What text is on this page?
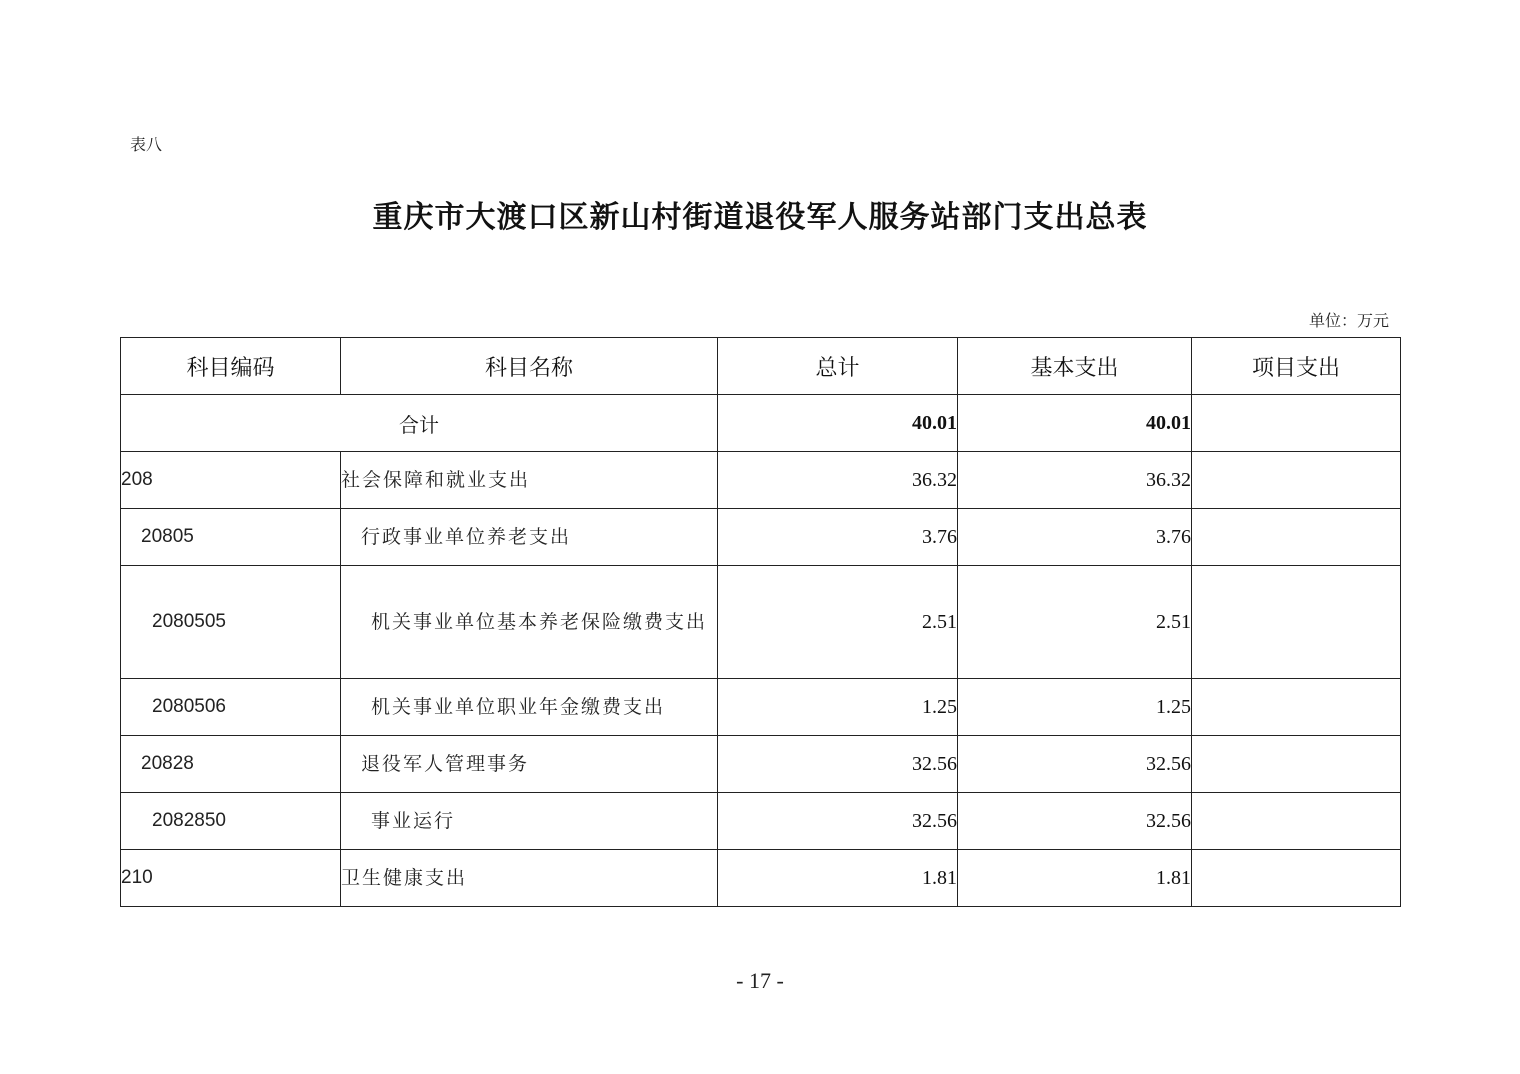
表八
重庆市大渡口区新山村街道退役军人服务站部门支出总表
单位：万元
科目编码	科目名称	总计	基本支出	项目支出
合计		40.01	40.01	
208	社会保障和就业支出	36.32	36.32	
20805	行政事业单位养老支出	3.76	3.76	
2080505	机关事业单位基本养老保险缴费支出	2.51	2.51	
2080506	机关事业单位职业年金缴费支出	1.25	1.25	
20828	退役军人管理事务	32.56	32.56	
2082850	事业运行	32.56	32.56	
210	卫生健康支出	1.81	1.81	
- 17 -
